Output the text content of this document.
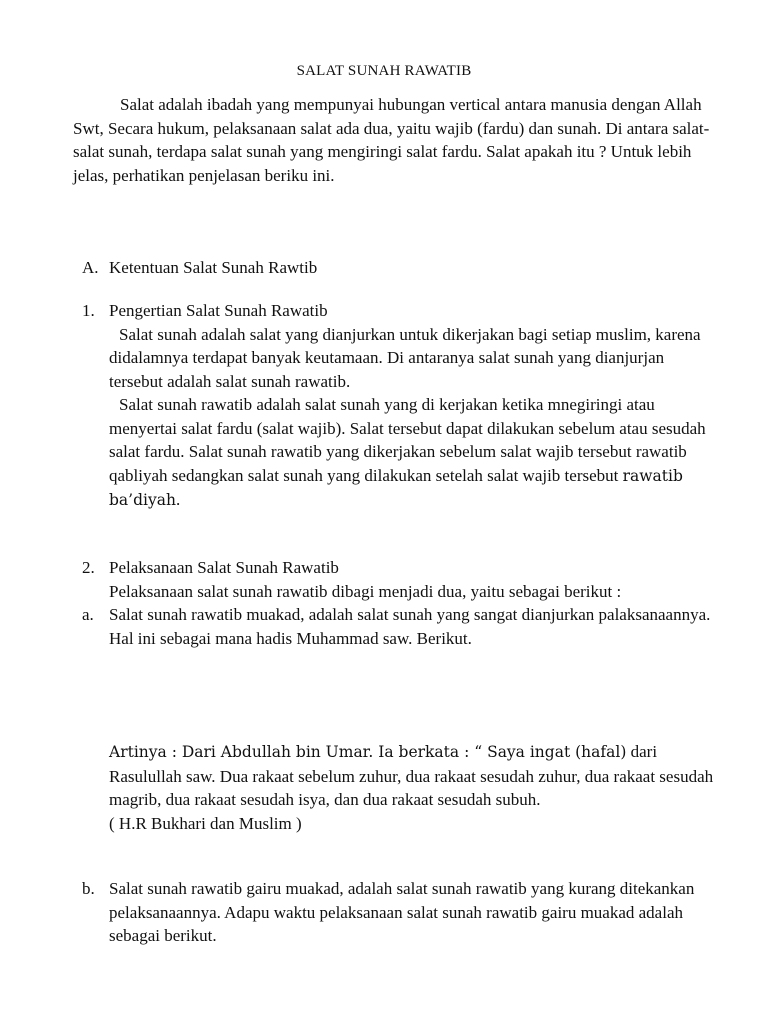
SALAT SUNAH RAWATIB

Salat adalah ibadah yang mempunyai hubungan vertical antara manusia dengan Allah Swt, Secara hukum, pelaksanaan salat ada dua, yaitu wajib (fardu) dan sunah. Di antara salat-salat sunah, terdapa salat sunah yang mengiringi salat fardu. Salat apakah itu ? Untuk lebih jelas, perhatikan penjelasan beriku ini.

A. Ketentuan Salat Sunah Rawtib
1. Pengertian Salat Sunah Rawatib

Salat sunah adalah salat yang dianjurkan untuk dikerjakan bagi setiap muslim, karena didalamnya terdapat banyak keutamaan. Di antaranya salat sunah yang dianjurjan tersebut adalah salat sunah rawatib.

Salat sunah rawatib adalah salat sunah yang di kerjakan ketika mnegiringi atau menyertai salat fardu (salat wajib). Salat tersebut dapat dilakukan sebelum atau sesudah salat fardu. Salat sunah rawatib yang dikerjakan sebelum salat wajib tersebut rawatib qabliyah sedangkan salat sunah yang dilakukan setelah salat wajib tersebut rawatib ba’diyah.

2. Pelaksanaan Salat Sunah Rawatib

Pelaksanaan salat sunah rawatib dibagi menjadi dua, yaitu sebagai berikut :

a. Salat sunah rawatib muakad, adalah salat sunah yang sangat dianjurkan palaksanaannya.

Hal ini sebagai mana hadis Muhammad saw. Berikut.

Artinya : Dari Abdullah bin Umar. Ia berkata : “ Saya ingat (hafal) dari Rasulullah saw. Dua rakaat sebelum zuhur, dua rakaat sesudah zuhur, dua rakaat sesudah magrib, dua rakaat sesudah isya, dan dua rakaat sesudah subuh.

( H.R Bukhari dan Muslim )

b. Salat sunah rawatib gairu muakad, adalah salat sunah rawatib yang kurang ditekankan pelaksanaannya. Adapu waktu pelaksanaan salat sunah rawatib gairu muakad adalah sebagai berikut.
